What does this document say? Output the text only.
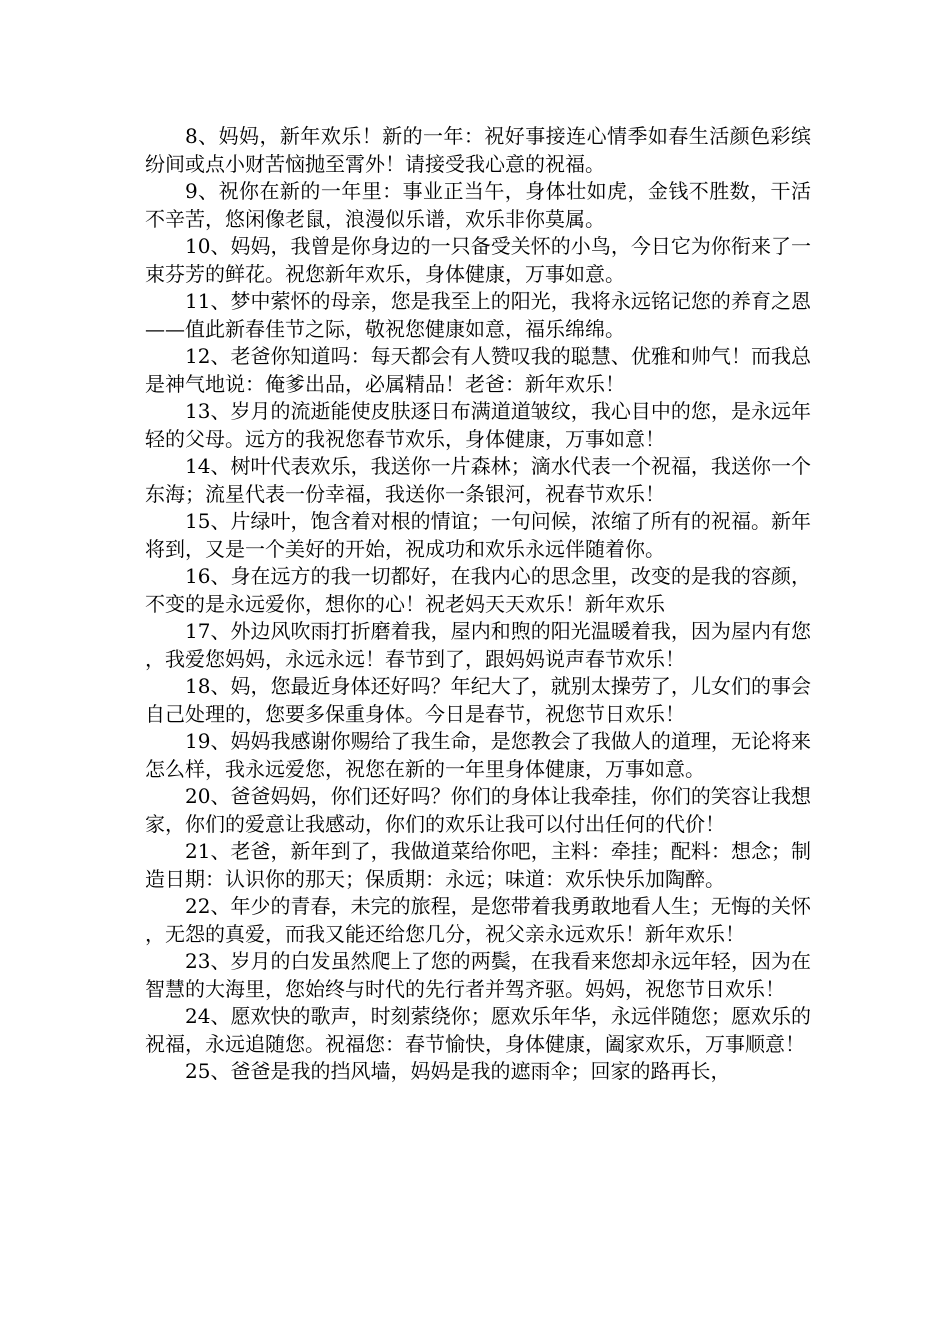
8、妈妈，新年欢乐！新的一年：祝好事接连心情季如春生活颜色彩缤纷间或点小财苦恼抛至霄外！请接受我心意的祝福。

9、祝你在新的一年里：事业正当午，身体壮如虎，金钱不胜数，干活不辛苦，悠闲像老鼠，浪漫似乐谱，欢乐非你莫属。

10、妈妈，我曾是你身边的一只备受关怀的小鸟，今日它为你衔来了一束芬芳的鲜花。祝您新年欢乐，身体健康，万事如意。

11、梦中萦怀的母亲，您是我至上的阳光，我将永远铭记您的养育之恩——值此新春佳节之际，敬祝您健康如意，福乐绵绵。

12、老爸你知道吗：每天都会有人赞叹我的聪慧、优雅和帅气！而我总是神气地说：俺爹出品，必属精品！老爸：新年欢乐！

13、岁月的流逝能使皮肤逐日布满道道皱纹，我心目中的您，是永远年轻的父母。远方的我祝您春节欢乐，身体健康，万事如意！

14、树叶代表欢乐，我送你一片森林；滴水代表一个祝福，我送你一个东海；流星代表一份幸福，我送你一条银河，祝春节欢乐！

15、片绿叶，饱含着对根的情谊；一句问候，浓缩了所有的祝福。新年将到，又是一个美好的开始，祝成功和欢乐永远伴随着你。

16、身在远方的我一切都好，在我内心的思念里，改变的是我的容颜，不变的是永远爱你，想你的心！祝老妈天天欢乐！新年欢乐

17、外边风吹雨打折磨着我，屋内和煦的阳光温暖着我，因为屋内有您，我爱您妈妈，永远永远！春节到了，跟妈妈说声春节欢乐！

18、妈，您最近身体还好吗？年纪大了，就别太操劳了，儿女们的事会自己处理的，您要多保重身体。今日是春节，祝您节日欢乐！

19、妈妈我感谢你赐给了我生命，是您教会了我做人的道理，无论将来怎么样，我永远爱您，祝您在新的一年里身体健康，万事如意。

20、爸爸妈妈，你们还好吗？你们的身体让我牵挂，你们的笑容让我想家，你们的爱意让我感动，你们的欢乐让我可以付出任何的代价！

21、老爸，新年到了，我做道菜给你吧，主料：牵挂；配料：想念；制造日期：认识你的那天；保质期：永远；味道：欢乐快乐加陶醉。

22、年少的青春，未完的旅程，是您带着我勇敢地看人生；无悔的关怀，无怨的真爱，而我又能还给您几分，祝父亲永远欢乐！新年欢乐！

23、岁月的白发虽然爬上了您的两鬓，在我看来您却永远年轻，因为在智慧的大海里，您始终与时代的先行者并驾齐驱。妈妈，祝您节日欢乐！

24、愿欢快的歌声，时刻萦绕你；愿欢乐年华，永远伴随您；愿欢乐的祝福，永远追随您。祝福您：春节愉快，身体健康，阖家欢乐，万事顺意！

25、爸爸是我的挡风墙，妈妈是我的遮雨伞；回家的路再长，
